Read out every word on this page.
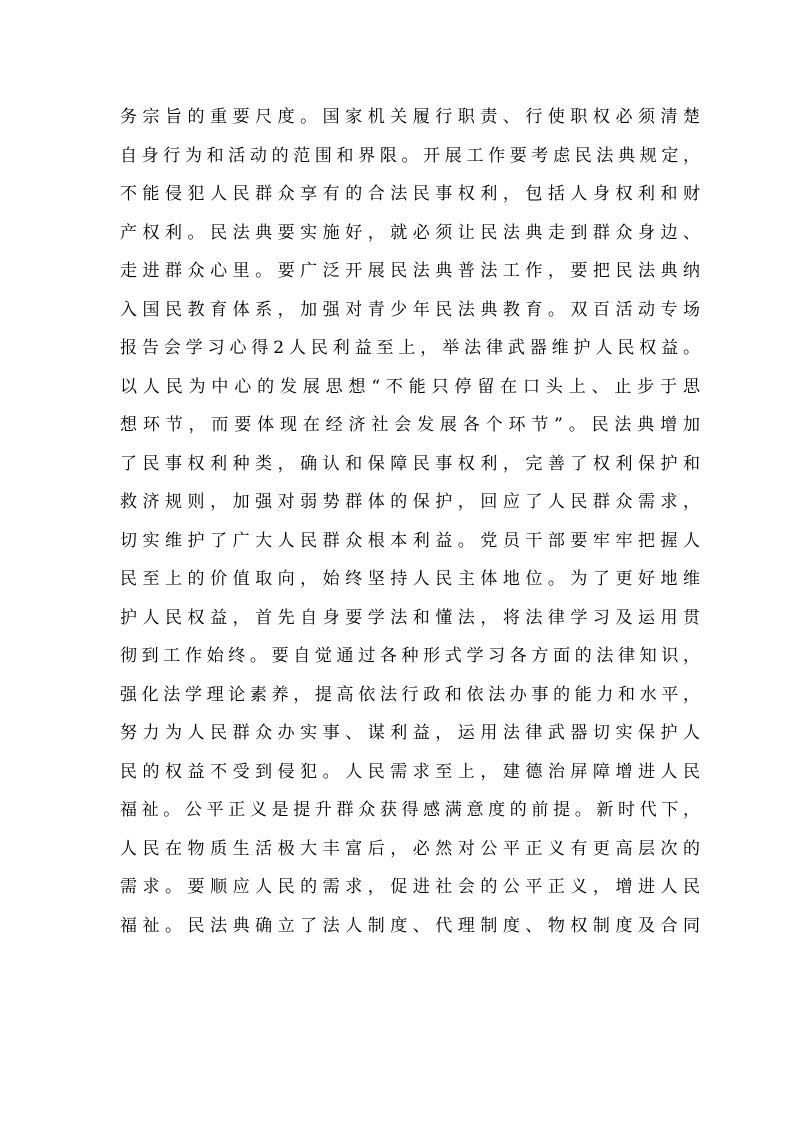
务宗旨的重要尺度。国家机关履行职责、行使职权必须清楚
自身行为和活动的范围和界限。开展工作要考虑民法典规定，
不能侵犯人民群众享有的合法民事权利，包括人身权利和财
产权利。民法典要实施好，就必须让民法典走到群众身边、
走进群众心里。要广泛开展民法典普法工作，要把民法典纳
入国民教育体系，加强对青少年民法典教育。双百活动专场
报告会学习心得2人民利益至上，举法律武器维护人民权益。
以人民为中心的发展思想“不能只停留在口头上、止步于思
想环节，而要体现在经济社会发展各个环节”。民法典增加
了民事权利种类，确认和保障民事权利，完善了权利保护和
救济规则，加强对弱势群体的保护，回应了人民群众需求，
切实维护了广大人民群众根本利益。党员干部要牢牢把握人
民至上的价值取向，始终坚持人民主体地位。为了更好地维
护人民权益，首先自身要学法和懂法，将法律学习及运用贯
彻到工作始终。要自觉通过各种形式学习各方面的法律知识，
强化法学理论素养，提高依法行政和依法办事的能力和水平，
努力为人民群众办实事、谋利益，运用法律武器切实保护人
民的权益不受到侵犯。人民需求至上，建德治屏障增进人民
福祉。公平正义是提升群众获得感满意度的前提。新时代下，
人民在物质生活极大丰富后，必然对公平正义有更高层次的
需求。要顺应人民的需求，促进社会的公平正义，增进人民
福祉。民法典确立了法人制度、代理制度、物权制度及合同
